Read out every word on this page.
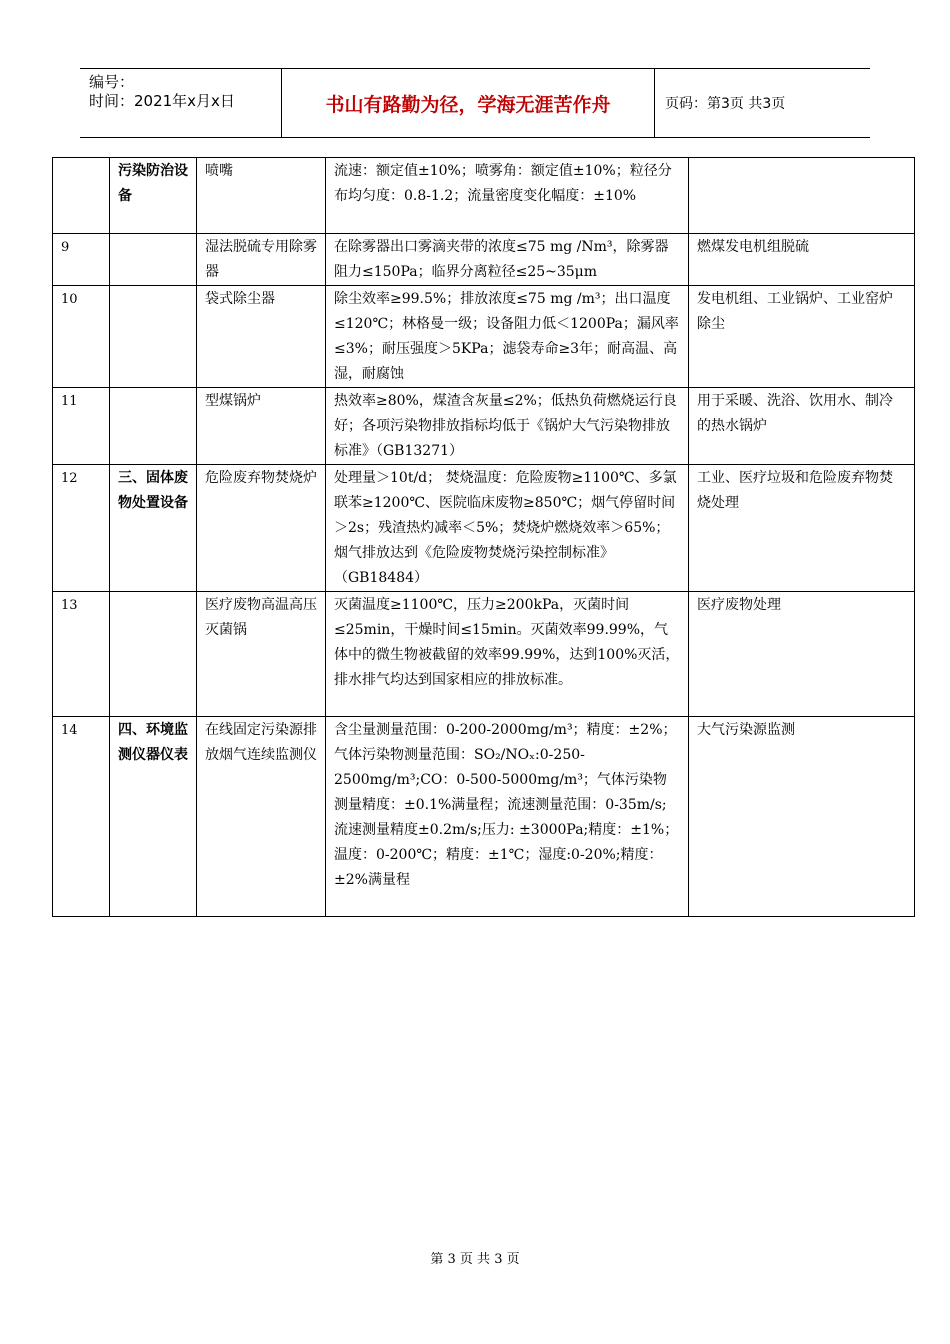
编号：
时间：2021年x月x日	书山有路勤为径，学海无涯苦作舟	页码：第3页 共3页
	污染防治设备	喷嘴	流速：额定值±10%；喷雾角：额定值±10%；粒径分布均匀度：0.8-1.2；流量密度变化幅度：±10%	
9		湿法脱硫专用除雾器	在除雾器出口雾滴夹带的浓度≤75 mg /Nm³，除雾器阻力≤150Pa；临界分离粒径≤25~35μm	燃煤发电机组脱硫
10		袋式除尘器	除尘效率≥99.5%；排放浓度≤75 mg /m³；出口温度≤120℃；林格曼一级；设备阻力低＜1200Pa；漏风率≤3%；耐压强度＞5KPa；滤袋寿命≥3年；耐高温、高湿，耐腐蚀	发电机组、工业锅炉、工业窑炉除尘
11		型煤锅炉	热效率≥80%，煤渣含灰量≤2%；低热负荷燃烧运行良好；各项污染物排放指标均低于《锅炉大气污染物排放标准》（GB13271）	用于采暖、洗浴、饮用水、制冷的热水锅炉
12	三、固体废物处置设备	危险废弃物焚烧炉	处理量＞10t/d； 焚烧温度：危险废物≥1100℃、多氯联苯≥1200℃、医院临床废物≥850℃；烟气停留时间＞2s；残渣热灼减率＜5%；焚烧炉燃烧效率＞65%；烟气排放达到《危险废物焚烧污染控制标准》（GB18484）	工业、医疗垃圾和危险废弃物焚烧处理
13		医疗废物高温高压灭菌锅	灭菌温度≥1100℃，压力≥200kPa，灭菌时间≤25min，干燥时间≤15min。灭菌效率99.99%，气体中的微生物被截留的效率99.99%，达到100%灭活，排水排气均达到国家相应的排放标准。	医疗废物处理
14	四、环境监测仪器仪表	在线固定污染源排放烟气连续监测仪	含尘量测量范围：0-200-2000mg/m³；精度：±2%；气体污染物测量范围：SO₂/NOₓ:0-250-2500mg/m³;CO：0-500-5000mg/m³；气体污染物测量精度：±0.1%满量程；流速测量范围：0-35m/s;流速测量精度±0.2m/s;压力: ±3000Pa;精度：±1%；温度：0-200℃；精度：±1℃；湿度:0-20%;精度：±2%满量程	大气污染源监测
第 3 页 共 3 页
